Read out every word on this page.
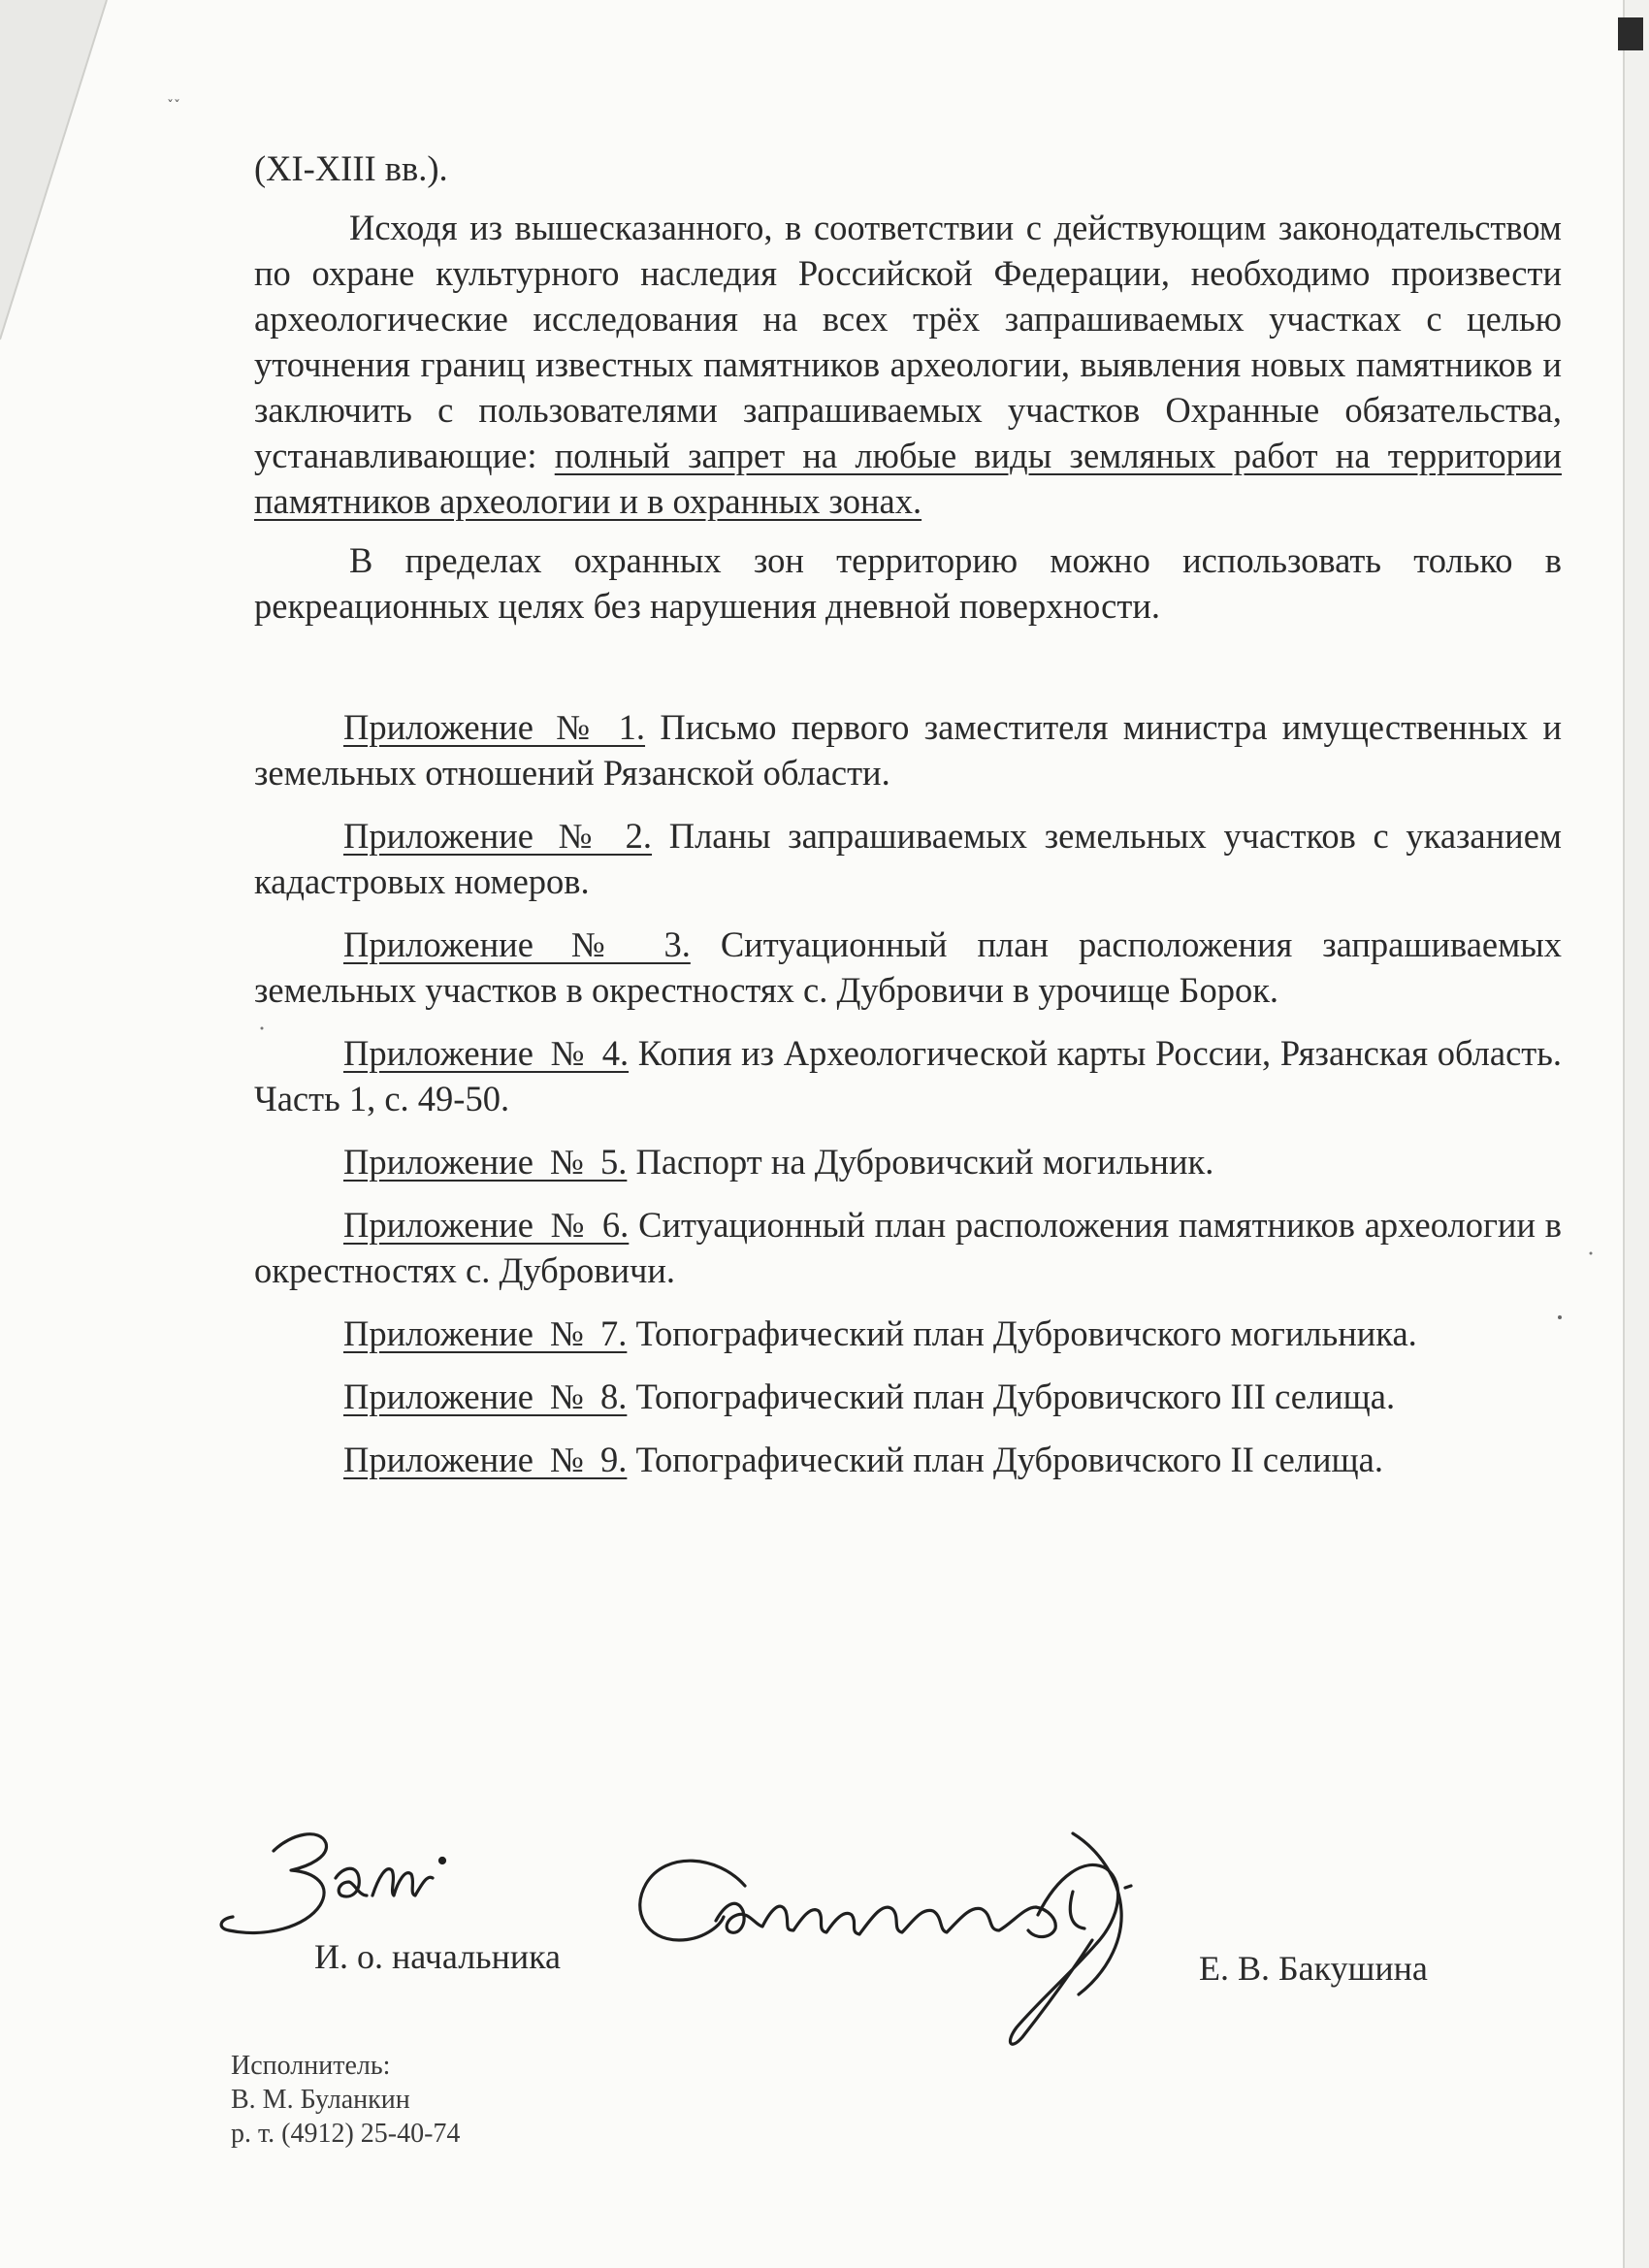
ˇˇ

(XI-XIII вв.).

Исходя из вышесказанного, в соответствии с действующим законодательством по охране культурного наследия Российской Федерации, необходимо произвести археологические исследования на всех трёх запрашиваемых участках с целью уточнения границ известных памятников археологии, выявления новых памятников и заключить с пользователями запрашиваемых участков Охранные обязательства, устанавливающие: полный запрет на любые виды земляных работ на территории памятников археологии и в охранных зонах.

В пределах охранных зон территорию можно использовать только в рекреационных целях без нарушения дневной поверхности.

Приложение № 1. Письмо первого заместителя министра имущественных и земельных отношений Рязанской области.

Приложение № 2. Планы запрашиваемых земельных участков с указанием кадастровых номеров.

Приложение № 3. Ситуационный план расположения запрашиваемых земельных участков в окрестностях с. Дубровичи в урочище Борок.

Приложение № 4. Копия из Археологической карты России, Рязанская область. Часть 1, с. 49-50.

Приложение № 5. Паспорт на Дубровичский могильник.

Приложение № 6. Ситуационный план расположения памятников археологии в окрестностях с. Дубровичи.

Приложение № 7. Топографический план Дубровичского могильника.

Приложение № 8. Топографический план Дубровичского III селища.

Приложение № 9. Топографический план Дубровичского II селища.

И. о. начальника	Е. В. Бакушина
Исполнитель:
В. М. Буланкин
р. т. (4912) 25-40-74
